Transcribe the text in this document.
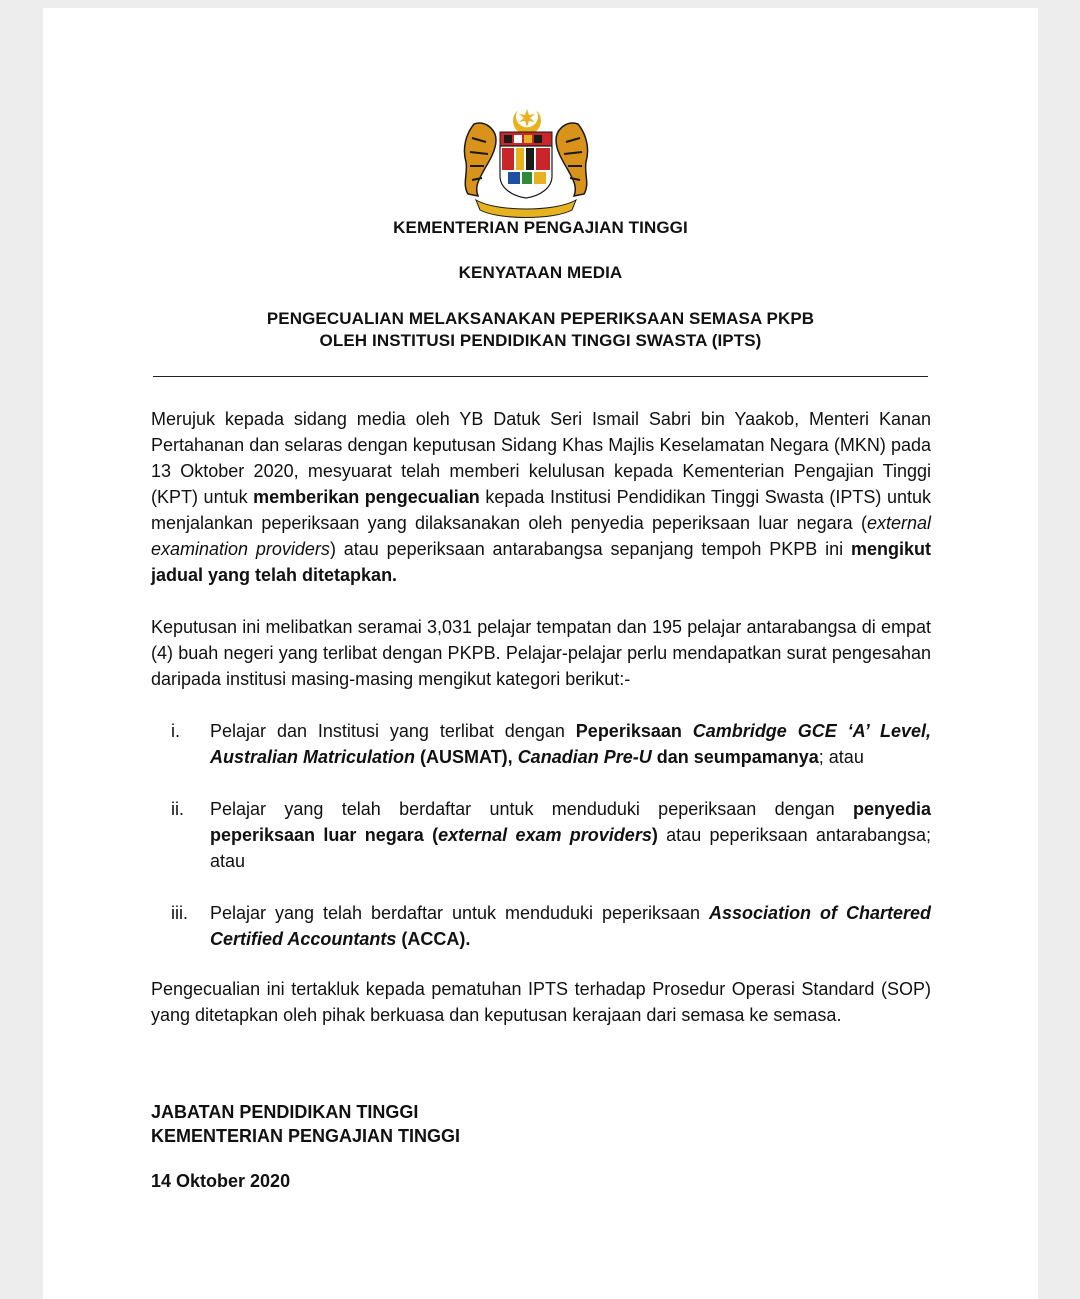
KEMENTERIAN PENGAJIAN TINGGI
KENYATAAN MEDIA
PENGECUALIAN MELAKSANAKAN PEPERIKSAAN SEMASA PKPB
OLEH INSTITUSI PENDIDIKAN TINGGI SWASTA (IPTS)

Merujuk kepada sidang media oleh YB Datuk Seri Ismail Sabri bin Yaakob, Menteri Kanan Pertahanan dan selaras dengan keputusan Sidang Khas Majlis Keselamatan Negara (MKN) pada 13 Oktober 2020, mesyuarat telah memberi kelulusan kepada Kementerian Pengajian Tinggi (KPT) untuk memberikan pengecualian kepada Institusi Pendidikan Tinggi Swasta (IPTS) untuk menjalankan peperiksaan yang dilaksanakan oleh penyedia peperiksaan luar negara (external examination providers) atau peperiksaan antarabangsa sepanjang tempoh PKPB ini mengikut jadual yang telah ditetapkan.

Keputusan ini melibatkan seramai 3,031 pelajar tempatan dan 195 pelajar antarabangsa di empat (4) buah negeri yang terlibat dengan PKPB. Pelajar-pelajar perlu mendapatkan surat pengesahan daripada institusi masing-masing mengikut kategori berikut:-

i.	Pelajar dan Institusi yang terlibat dengan Peperiksaan Cambridge GCE ‘A’ Level, Australian Matriculation (AUSMAT), Canadian Pre-U dan seumpamanya; atau
ii.	Pelajar yang telah berdaftar untuk menduduki peperiksaan dengan penyedia peperiksaan luar negara (external exam providers) atau peperiksaan antarabangsa; atau
iii.	Pelajar yang telah berdaftar untuk menduduki peperiksaan Association of Chartered Certified Accountants (ACCA).

Pengecualian ini tertakluk kepada pematuhan IPTS terhadap Prosedur Operasi Standard (SOP) yang ditetapkan oleh pihak berkuasa dan keputusan kerajaan dari semasa ke semasa.

JABATAN PENDIDIKAN TINGGI
KEMENTERIAN PENGAJIAN TINGGI
14 Oktober 2020
